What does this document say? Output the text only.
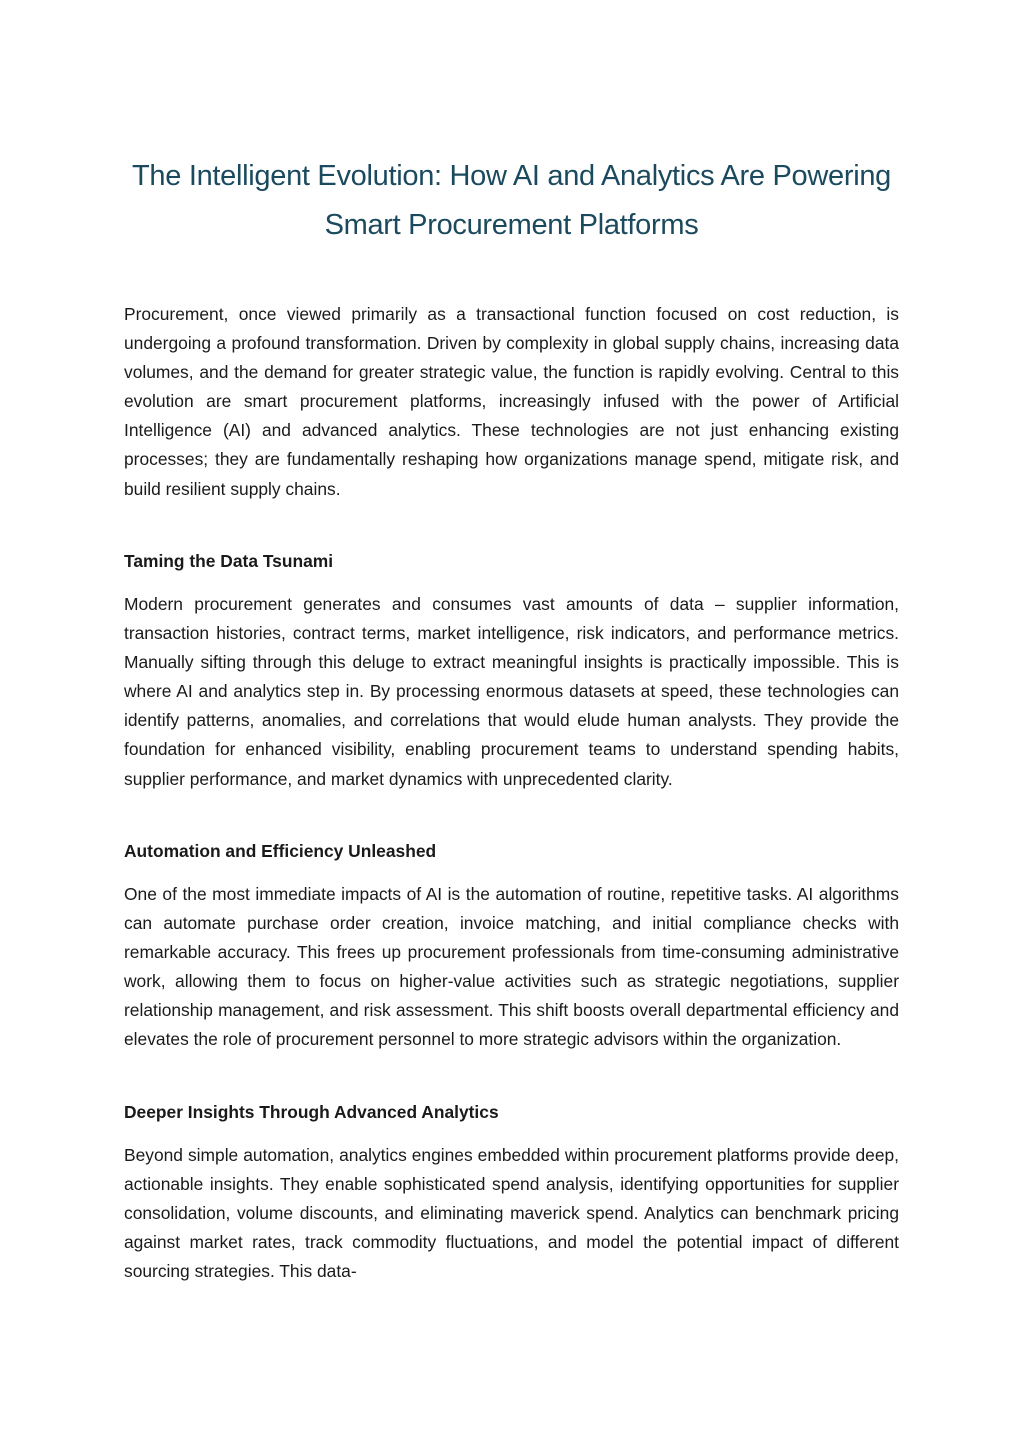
The Intelligent Evolution: How AI and Analytics Are Powering Smart Procurement Platforms

Procurement, once viewed primarily as a transactional function focused on cost reduction, is undergoing a profound transformation. Driven by complexity in global supply chains, increasing data volumes, and the demand for greater strategic value, the function is rapidly evolving. Central to this evolution are smart procurement platforms, increasingly infused with the power of Artificial Intelligence (AI) and advanced analytics. These technologies are not just enhancing existing processes; they are fundamentally reshaping how organizations manage spend, mitigate risk, and build resilient supply chains.

Taming the Data Tsunami

Modern procurement generates and consumes vast amounts of data – supplier information, transaction histories, contract terms, market intelligence, risk indicators, and performance metrics. Manually sifting through this deluge to extract meaningful insights is practically impossible. This is where AI and analytics step in. By processing enormous datasets at speed, these technologies can identify patterns, anomalies, and correlations that would elude human analysts. They provide the foundation for enhanced visibility, enabling procurement teams to understand spending habits, supplier performance, and market dynamics with unprecedented clarity.

Automation and Efficiency Unleashed

One of the most immediate impacts of AI is the automation of routine, repetitive tasks. AI algorithms can automate purchase order creation, invoice matching, and initial compliance checks with remarkable accuracy. This frees up procurement professionals from time-consuming administrative work, allowing them to focus on higher-value activities such as strategic negotiations, supplier relationship management, and risk assessment. This shift boosts overall departmental efficiency and elevates the role of procurement personnel to more strategic advisors within the organization.

Deeper Insights Through Advanced Analytics

Beyond simple automation, analytics engines embedded within procurement platforms provide deep, actionable insights. They enable sophisticated spend analysis, identifying opportunities for supplier consolidation, volume discounts, and eliminating maverick spend. Analytics can benchmark pricing against market rates, track commodity fluctuations, and model the potential impact of different sourcing strategies. This data-
